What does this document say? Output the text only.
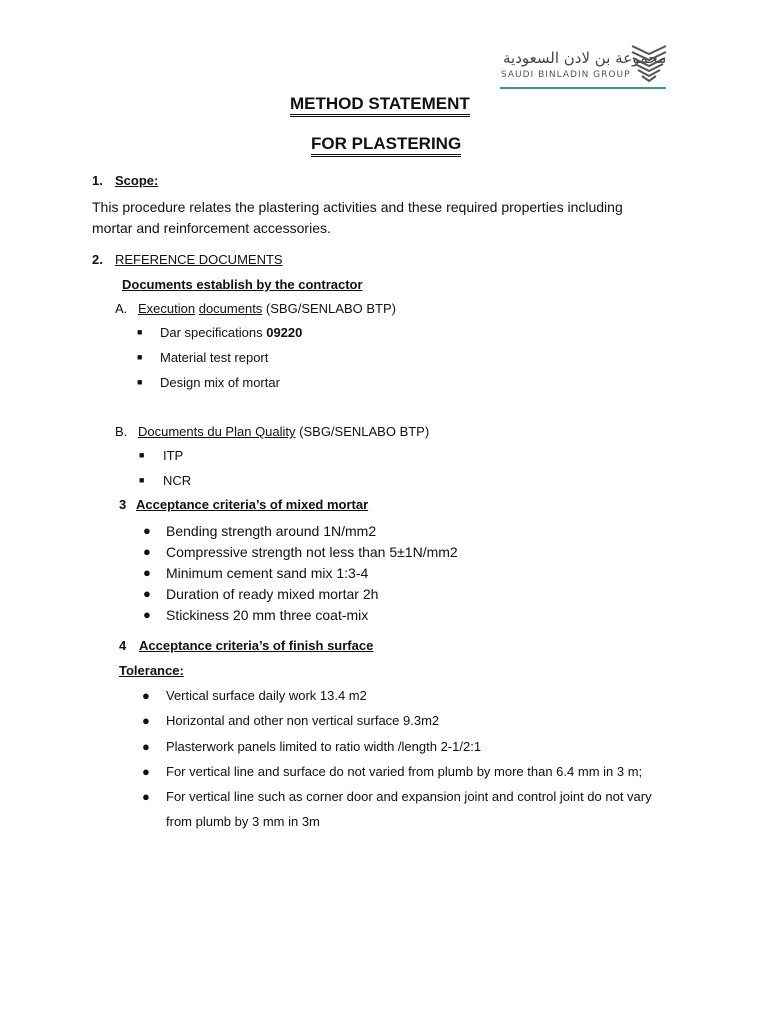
مجموعة بن لادن السعودية
SAUDI BINLADIN GROUP
METHOD STATEMENT
FOR PLASTERING
1. Scope:
This procedure relates the plastering activities and these required properties including
mortar and reinforcement accessories.
2. REFERENCE DOCUMENTS
Documents establish by the contractor
A. Execution documents (SBG/SENLABO BTP)
■ Dar specifications 09220
■ Material test report
■ Design mix of mortar
B. Documents du Plan Quality (SBG/SENLABO BTP)
■ ITP
■ NCR
3 Acceptance criteria’s of mixed mortar
● Bending strength around 1N/mm2
● Compressive strength not less than 5±1N/mm2
● Minimum cement sand mix 1:3-4
● Duration of ready mixed mortar 2h
● Stickiness 20 mm three coat-mix
4 Acceptance criteria’s of finish surface
Tolerance:
● Vertical surface daily work 13.4 m2
● Horizontal and other non vertical surface 9.3m2
● Plasterwork panels limited to ratio width /length 2-1/2:1
● For vertical line and surface do not varied from plumb by more than 6.4 mm in 3 m;
● For vertical line such as corner door and expansion joint and control joint do not vary
from plumb by 3 mm in 3m
